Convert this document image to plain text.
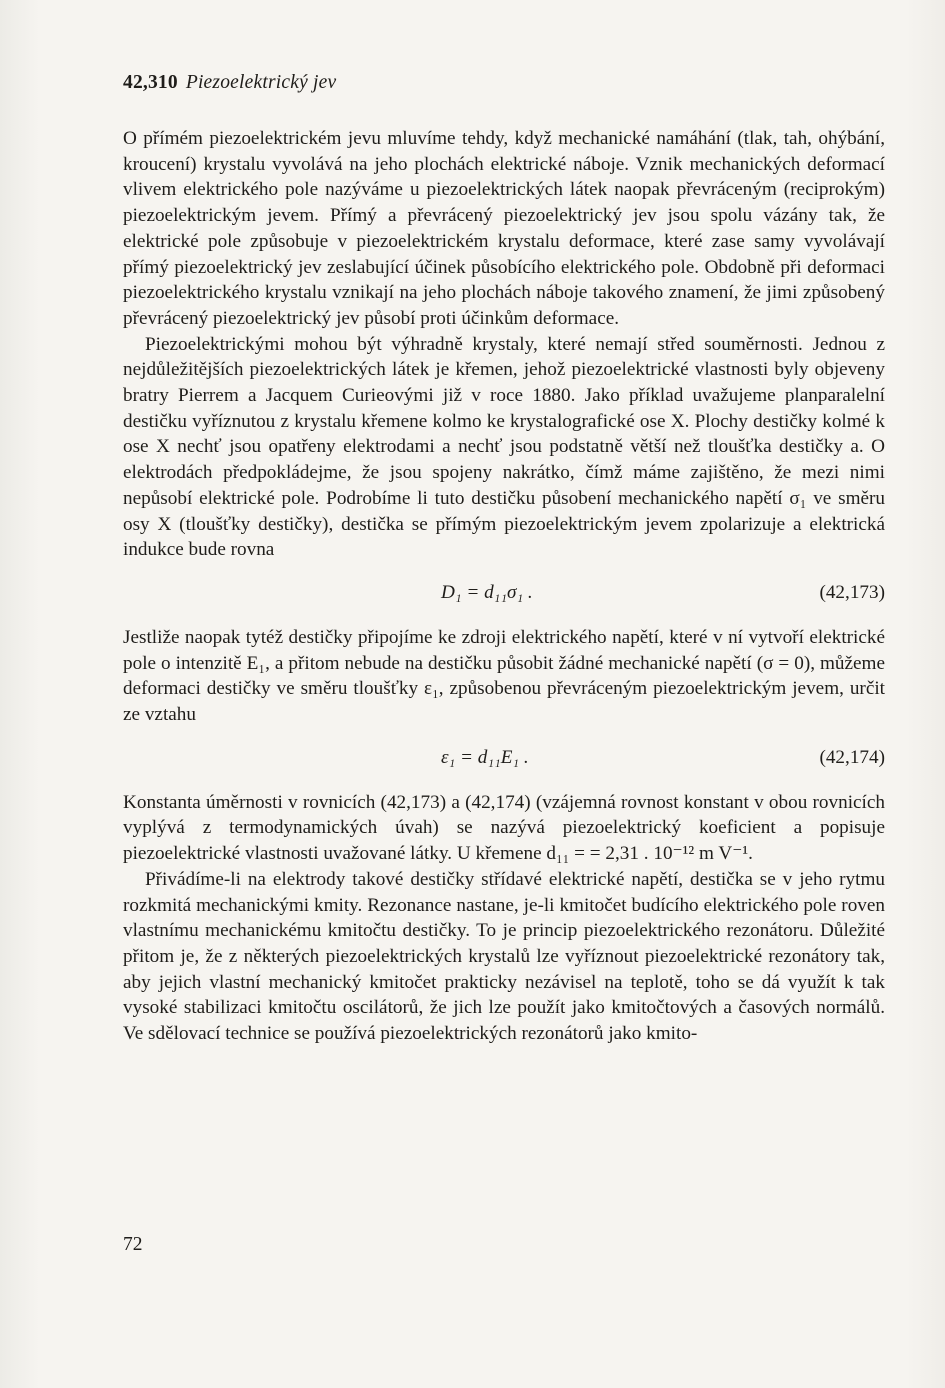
42,310 Piezoelektrický jev

O přímém piezoelektrickém jevu mluvíme tehdy, když mechanické namáhání (tlak, tah, ohýbání, kroucení) krystalu vyvolává na jeho plochách elektrické náboje. Vznik mechanických deformací vlivem elektrického pole nazýváme u piezoelektrických látek naopak převráceným (reciprokým) piezoelektrickým jevem. Přímý a převrácený piezoelektrický jev jsou spolu vázány tak, že elektrické pole způsobuje v piezoelektrickém krystalu deformace, které zase samy vyvolávají přímý piezoelektrický jev zeslabující účinek působícího elektrického pole. Obdobně při deformaci piezoelektrického krystalu vznikají na jeho plochách náboje takového znamení, že jimi způsobený převrácený piezoelektrický jev působí proti účinkům deformace.

Piezoelektrickými mohou být výhradně krystaly, které nemají střed souměrnosti. Jednou z nejdůležitějších piezoelektrických látek je křemen, jehož piezoelektrické vlastnosti byly objeveny bratry Pierrem a Jacquem Curieovými již v roce 1880. Jako příklad uvažujeme planparalelní destičku vyříznutou z krystalu křemene kolmo ke krystalografické ose X. Plochy destičky kolmé k ose X nechť jsou opatřeny elektrodami a nechť jsou podstatně větší než tloušťka destičky a. O elektrodách předpokládejme, že jsou spojeny nakrátko, čímž máme zajištěno, že mezi nimi nepůsobí elektrické pole. Podrobíme li tuto destičku působení mechanického napětí σ₁ ve směru osy X (tloušťky destičky), destička se přímým piezoelektrickým jevem zpolarizuje a elektrická indukce bude rovna

D₁ = d₁₁σ₁ .	(42,173)

Jestliže naopak tytéž destičky připojíme ke zdroji elektrického napětí, které v ní vytvoří elektrické pole o intenzitě E₁, a přitom nebude na destičku působit žádné mechanické napětí (σ = 0), můžeme deformaci destičky ve směru tloušťky ε₁, způsobenou převráceným piezoelektrickým jevem, určit ze vztahu

ε₁ = d₁₁E₁ .	(42,174)

Konstanta úměrnosti v rovnicích (42,173) a (42,174) (vzájemná rovnost konstant v obou rovnicích vyplývá z termodynamických úvah) se nazývá piezoelektrický koeficient a popisuje piezoelektrické vlastnosti uvažované látky. U křemene d₁₁ = = 2,31 . 10⁻¹² m V⁻¹.

Přivádíme-li na elektrody takové destičky střídavé elektrické napětí, destička se v jeho rytmu rozkmitá mechanickými kmity. Rezonance nastane, je-li kmitočet budícího elektrického pole roven vlastnímu mechanickému kmitočtu destičky. To je princip piezoelektrického rezonátoru. Důležité přitom je, že z některých piezoelektrických krystalů lze vyříznout piezoelektrické rezonátory tak, aby jejich vlastní mechanický kmitočet prakticky nezávisel na teplotě, toho se dá využít k tak vysoké stabilizaci kmitočtu oscilátorů, že jich lze použít jako kmitočtových a časových normálů. Ve sdělovací technice se používá piezoelektrických rezonátorů jako kmito-

72
